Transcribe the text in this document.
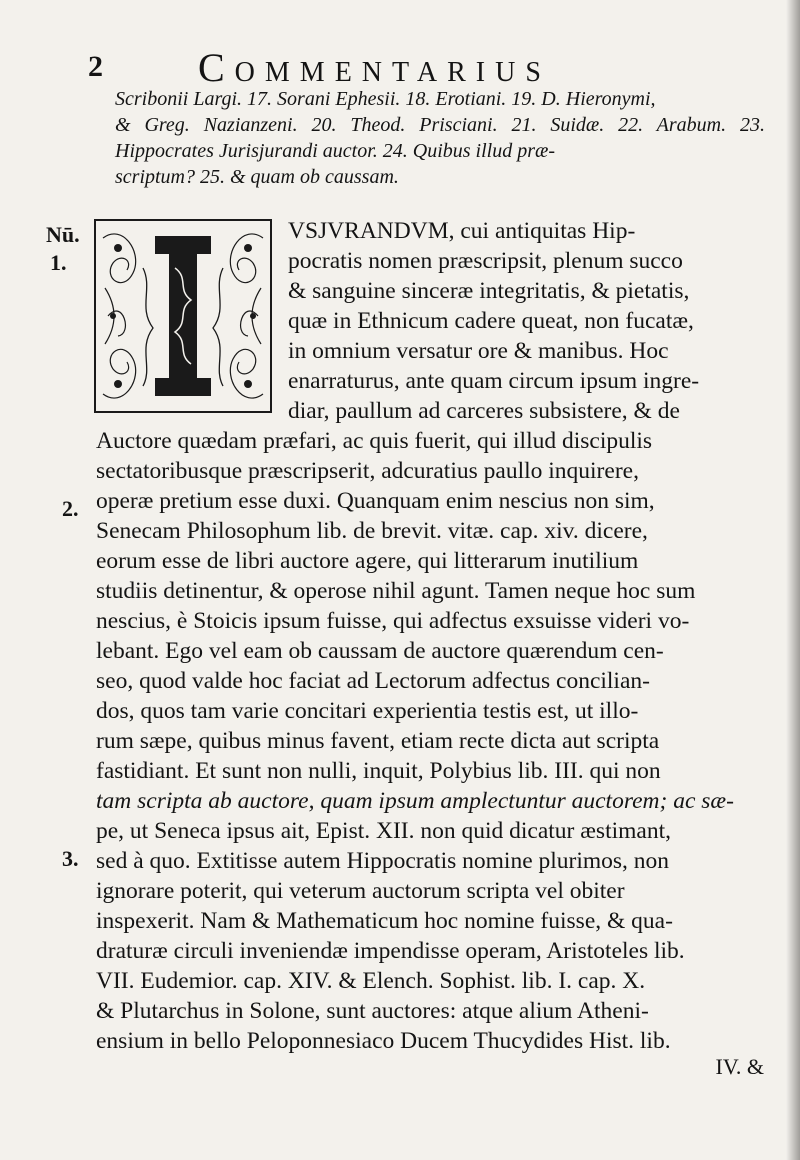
2 Commentarius
Scribonii Largi. 17. Sorani Ephesii. 18. Erotiani. 19. D. Hieronymi,
& Greg. Nazianzeni. 20. Theod. Prisciani. 21. Suidæ. 22. Arabum. 23. Hippocrates Jurisjurandi auctor. 24. Quibus illud præ-
scriptum? 25. & quam ob caussam.
Nū.
1.
2.
3.
VSJVRANDVM, cui antiquitas Hip-
pocratis nomen præscripsit, plenum succo
& sanguine sinceræ integritatis, & pietatis,
quæ in Ethnicum cadere queat, non fucatæ,
in omnium versatur ore & manibus. Hoc
enarraturus, ante quam circum ipsum ingre-
diar, paullum ad carceres subsistere, & de
Auctore quædam præfari, ac quis fuerit, qui illud discipulis
sectatoribusque præscripserit, adcuratius paullo inquirere,
operæ pretium esse duxi. Quanquam enim nescius non sim,
Senecam Philosophum lib. de brevit. vitæ. cap. xiv. dicere,
eorum esse de libri auctore agere, qui litterarum inutilium
studiis detinentur, & operose nihil agunt. Tamen neque hoc sum
nescius, è Stoicis ipsum fuisse, qui adfectus exsuisse videri vo-
lebant. Ego vel eam ob caussam de auctore quærendum cen-
seo, quod valde hoc faciat ad Lectorum adfectus concilian-
dos, quos tam varie concitari experientia testis est, ut illo-
rum sæpe, quibus minus favent, etiam recte dicta aut scripta
fastidiant. Et sunt non nulli, inquit, Polybius lib. III. qui non
tam scripta ab auctore, quam ipsum amplectuntur auctorem; ac sæ-
pe, ut Seneca ipsus ait, Epist. XII. non quid dicatur æstimant,
sed à quo. Extitisse autem Hippocratis nomine plurimos, non
ignorare poterit, qui veterum auctorum scripta vel obiter
inspexerit. Nam & Mathematicum hoc nomine fuisse, & qua-
draturæ circuli inveniendæ impendisse operam, Aristoteles lib.
VII. Eudemior. cap. XIV. & Elench. Sophist. lib. I. cap. X.
& Plutarchus in Solone, sunt auctores: atque alium Atheni-
ensium in bello Peloponnesiaco Ducem Thucydides Hist. lib.
IV. &
